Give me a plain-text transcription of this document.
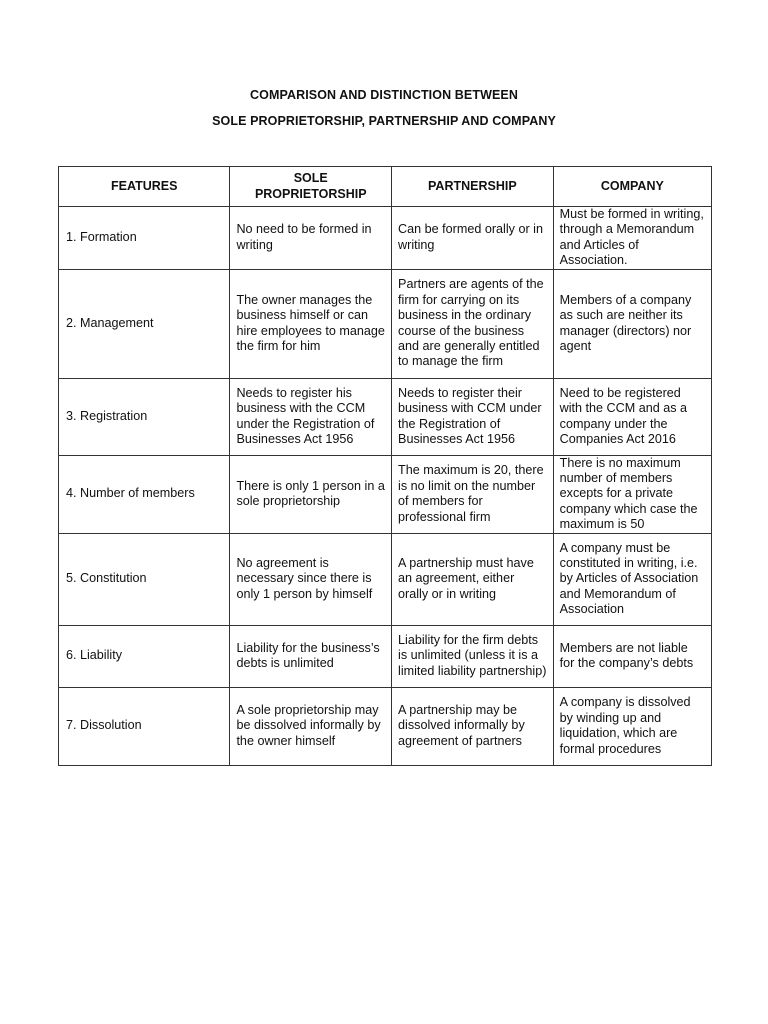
COMPARISON AND DISTINCTION BETWEEN
SOLE PROPRIETORSHIP, PARTNERSHIP AND COMPANY
FEATURES	SOLE PROPRIETORSHIP	PARTNERSHIP	COMPANY
1. Formation	No need to be formed in writing	Can be formed orally or in writing	Must be formed in writing, through a Memorandum and Articles of Association.
2. Management	The owner manages the business himself or can hire employees to manage the firm for him	Partners are agents of the firm for carrying on its business in the ordinary course of the business and are generally entitled to manage the firm	Members of a company as such are neither its manager (directors) nor agent
3. Registration	Needs to register his business with the CCM under the Registration of Businesses Act 1956	Needs to register their business with CCM under the Registration of Businesses Act 1956	Need to be registered with the CCM and as a company under the Companies Act 2016
4. Number of members	There is only 1 person in a sole proprietorship	The maximum is 20, there is no limit on the number of members for professional firm	There is no maximum number of members excepts for a private company which case the maximum is 50
5. Constitution	No agreement is necessary since there is only 1 person by himself	A partnership must have an agreement, either orally or in writing	A company must be constituted in writing, i.e. by Articles of Association and Memorandum of Association
6. Liability	Liability for the business’s debts is unlimited	Liability for the firm debts is unlimited (unless it is a limited liability partnership)	Members are not liable for the company’s debts
7. Dissolution	A sole proprietorship may be dissolved informally by the owner himself	A partnership may be dissolved informally by agreement of partners	A company is dissolved by winding up and liquidation, which are formal procedures
